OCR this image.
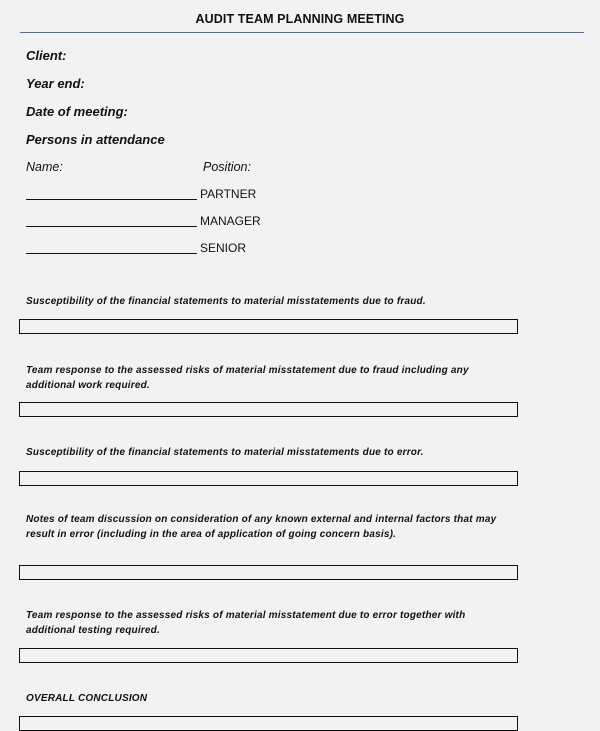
AUDIT TEAM PLANNING MEETING
Client:
Year end:
Date of meeting:
Persons in attendance
Name:	Position:
PARTNER
MANAGER
SENIOR
Susceptibility of the financial statements to material misstatements due to fraud.
Team response to the assessed risks of material misstatement due to fraud including any additional work required.
Susceptibility of the financial statements to material misstatements due to error.
Notes of team discussion on consideration of any known external and internal factors that may result in error (including in the area of application of going concern basis).
Team response to the assessed risks of material misstatement due to error together with additional testing required.
OVERALL CONCLUSION
